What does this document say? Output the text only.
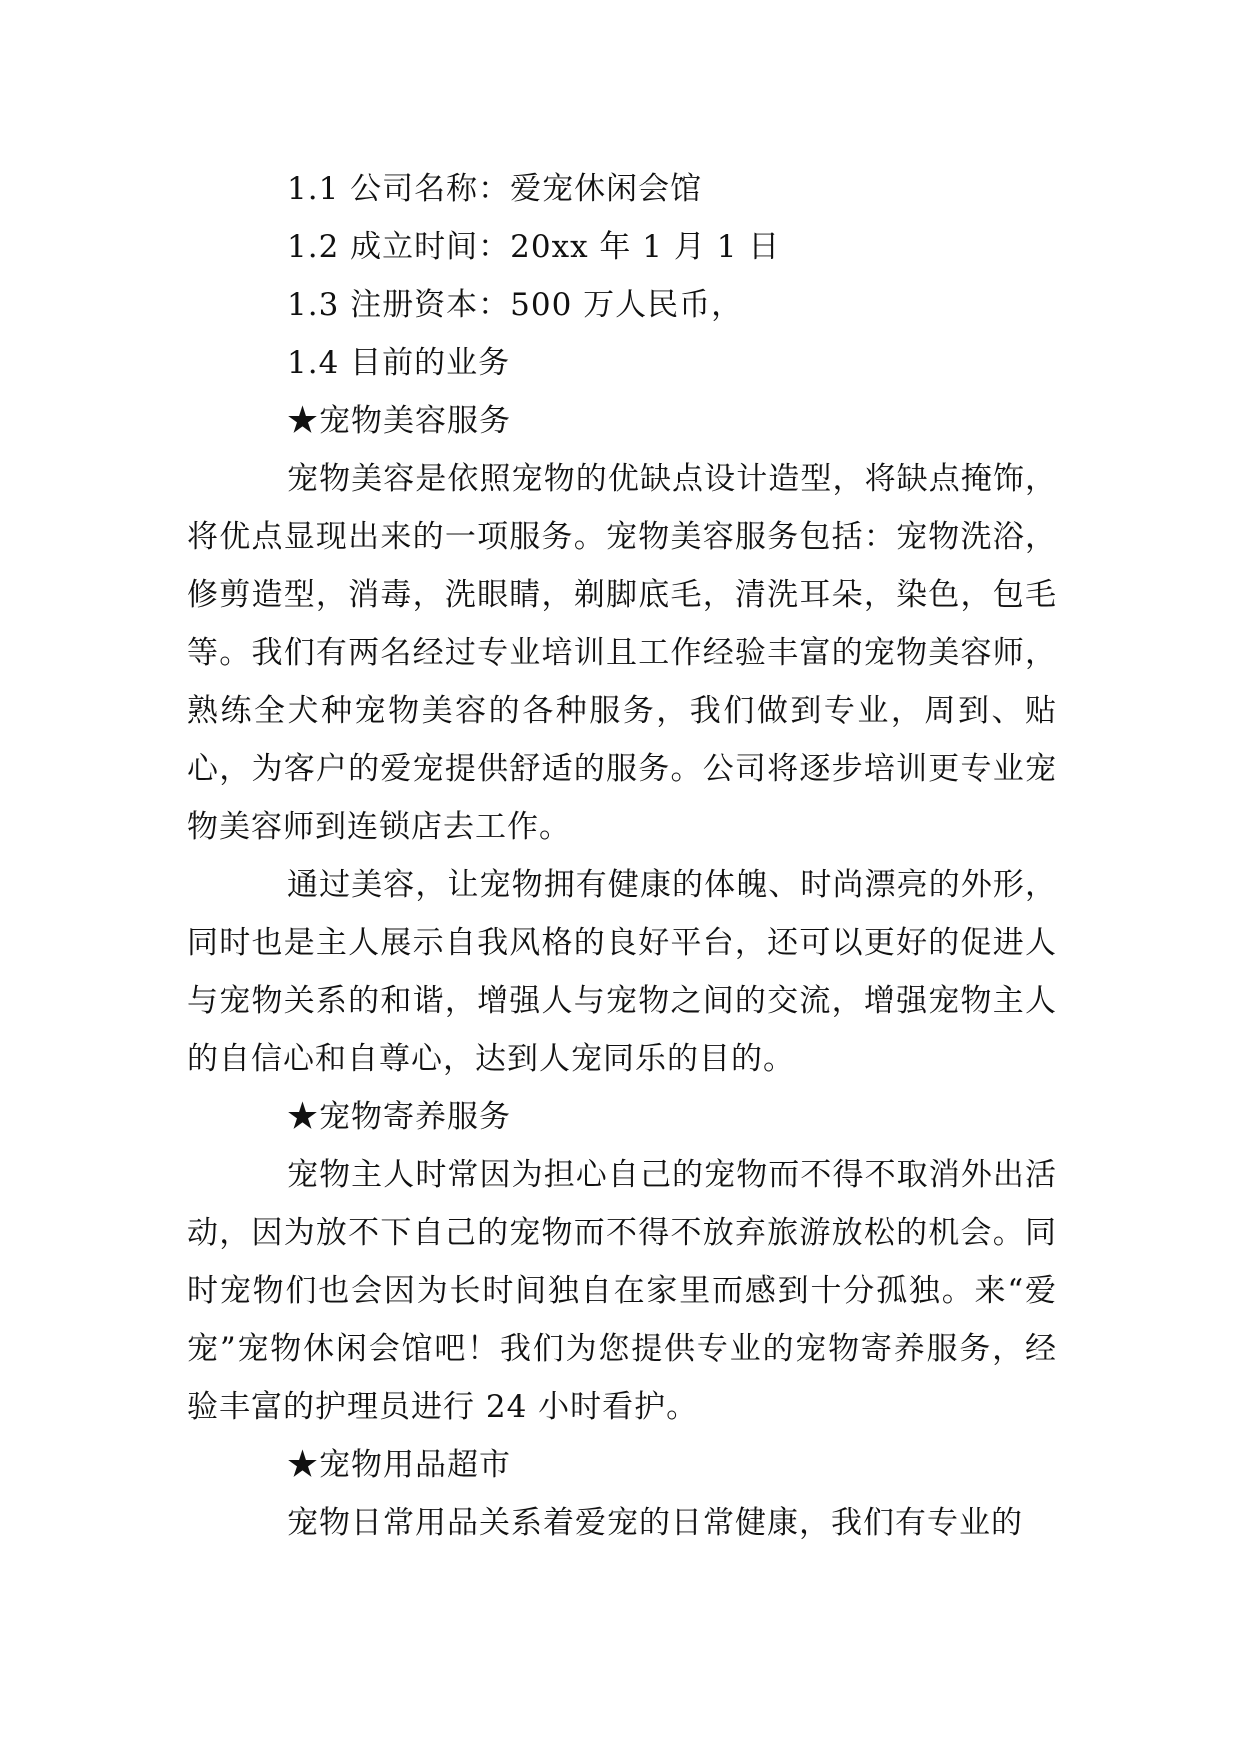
1.1 公司名称：爱宠休闲会馆

1.2 成立时间：20xx 年 1 月 1 日

1.3 注册资本：500 万人民币，

1.4 目前的业务

★宠物美容服务

宠物美容是依照宠物的优缺点设计造型，将缺点掩饰，将优点显现出来的一项服务。宠物美容服务包括：宠物洗浴，修剪造型，消毒，洗眼睛，剃脚底毛，清洗耳朵，染色，包毛等。我们有两名经过专业培训且工作经验丰富的宠物美容师，熟练全犬种宠物美容的各种服务，我们做到专业，周到、贴心，为客户的爱宠提供舒适的服务。公司将逐步培训更专业宠物美容师到连锁店去工作。

通过美容，让宠物拥有健康的体魄、时尚漂亮的外形，同时也是主人展示自我风格的良好平台，还可以更好的促进人与宠物关系的和谐，增强人与宠物之间的交流，增强宠物主人的自信心和自尊心，达到人宠同乐的目的。

★宠物寄养服务

宠物主人时常因为担心自己的宠物而不得不取消外出活动，因为放不下自己的宠物而不得不放弃旅游放松的机会。同时宠物们也会因为长时间独自在家里而感到十分孤独。来“爱宠”宠物休闲会馆吧！我们为您提供专业的宠物寄养服务，经验丰富的护理员进行 24 小时看护。

★宠物用品超市

宠物日常用品关系着爱宠的日常健康，我们有专业的
